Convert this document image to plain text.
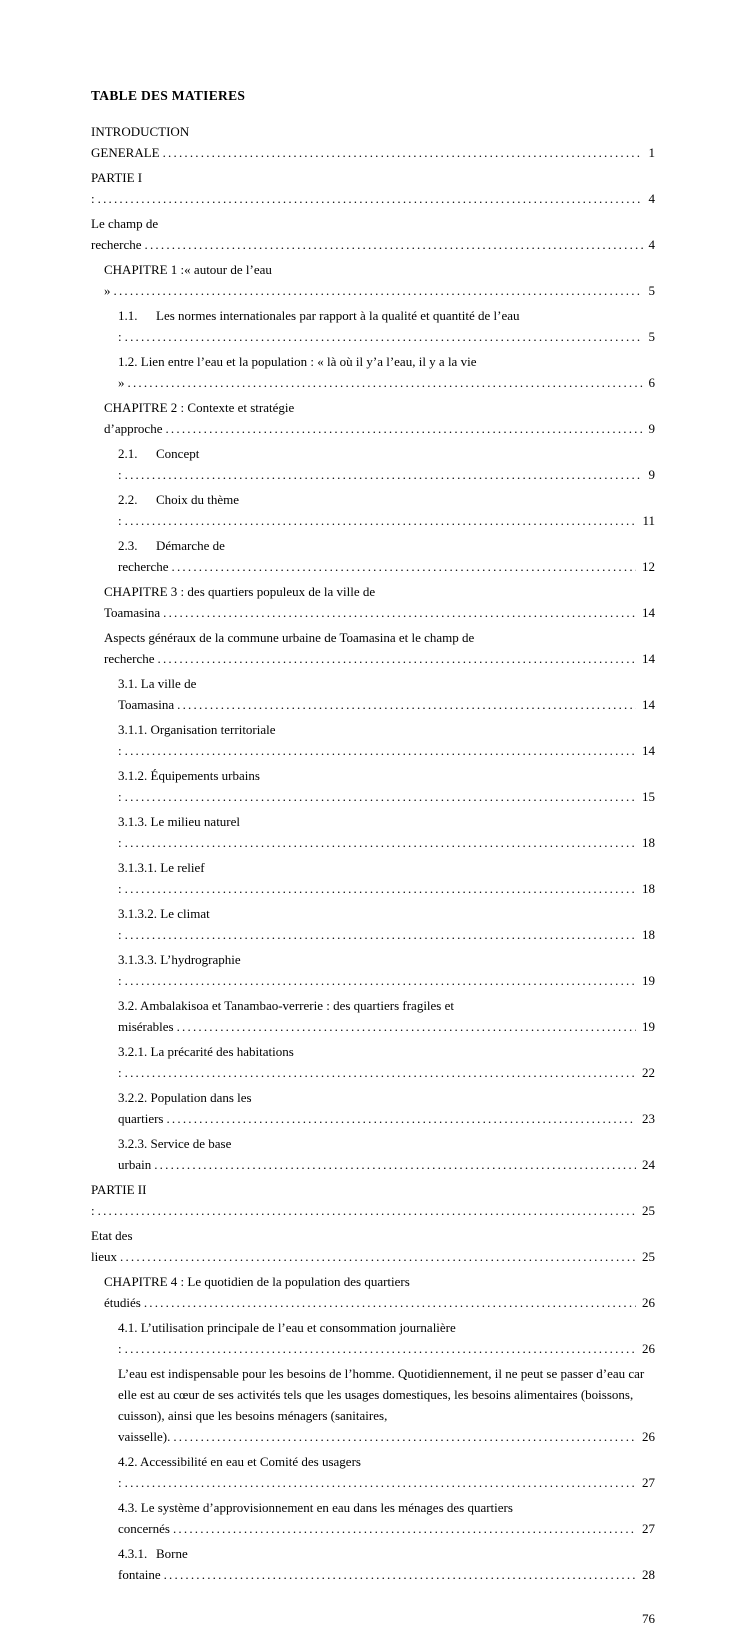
TABLE DES MATIERES
INTRODUCTION GENERALE .....	1
PARTIE I : .....	4
Le champ de recherche .....	4
CHAPITRE 1 :« autour de l’eau » .....	5
1.1. Les normes internationales par rapport à la qualité et quantité de l’eau : .....	5
1.2. Lien entre l’eau et la population : « là où il y’a l’eau, il y a la vie » .....	6
CHAPITRE 2 : Contexte et stratégie d’approche .....	9
2.1. Concept : .....	9
2.2. Choix du thème : .....	11
2.3. Démarche de recherche .....	12
CHAPITRE 3 : des quartiers populeux de la ville de Toamasina .....	14
Aspects généraux de la commune urbaine de Toamasina et le champ de recherche .....	14
3.1. La ville de Toamasina .....	14
3.1.1. Organisation territoriale : .....	14
3.1.2. Équipements urbains : .....	15
3.1.3. Le milieu naturel : .....	18
3.1.3.1. Le relief : .....	18
3.1.3.2. Le climat : .....	18
3.1.3.3. L’hydrographie : .....	19
3.2. Ambalakisoa et Tanambao-verrerie : des quartiers fragiles et misérables .....	19
3.2.1. La précarité des habitations : .....	22
3.2.2. Population dans les quartiers .....	23
3.2.3. Service de base urbain .....	24
PARTIE II : .....	25
Etat des lieux .....	25
CHAPITRE 4 : Le quotidien de la population des quartiers étudiés .....	26
4.1. L’utilisation principale de l’eau et consommation journalière : .....	26
L’eau est indispensable pour les besoins de l’homme. Quotidiennement, il ne peut se passer d’eau car elle est au cœur de ses activités tels que les usages domestiques, les besoins alimentaires (boissons, cuisson), ainsi que les besoins ménagers (sanitaires, vaisselle). .....	26
4.2. Accessibilité en eau et Comité des usagers : .....	27
4.3. Le système d’approvisionnement en eau dans les ménages des quartiers concernés .....	27
4.3.1. Borne fontaine .....	28
76
